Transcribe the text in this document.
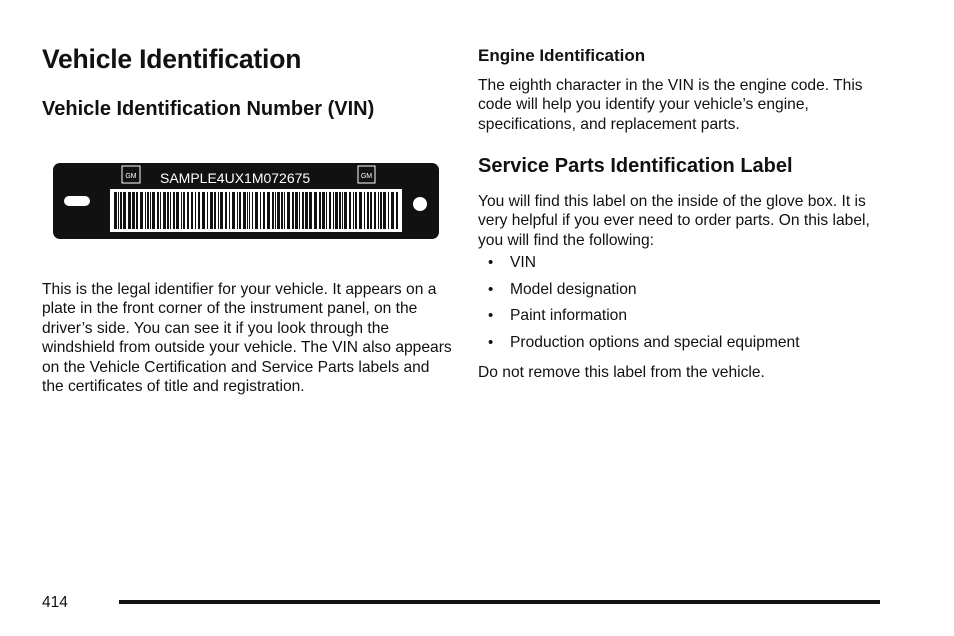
Vehicle Identification
Vehicle Identification Number (VIN)
GM	GM
SAMPLE4UX1M072675

This is the legal identifier for your vehicle. It appears on a plate in the front corner of the instrument panel, on the driver’s side. You can see it if you look through the windshield from outside your vehicle. The VIN also appears on the Vehicle Certification and Service Parts labels and the certificates of title and registration.

Engine Identification

The eighth character in the VIN is the engine code. This code will help you identify your vehicle’s engine, specifications, and replacement parts.

Service Parts Identification Label

You will find this label on the inside of the glove box. It is very helpful if you ever need to order parts. On this label, you will find the following:

• VIN
• Model designation
• Paint information
• Production options and special equipment

Do not remove this label from the vehicle.

414
